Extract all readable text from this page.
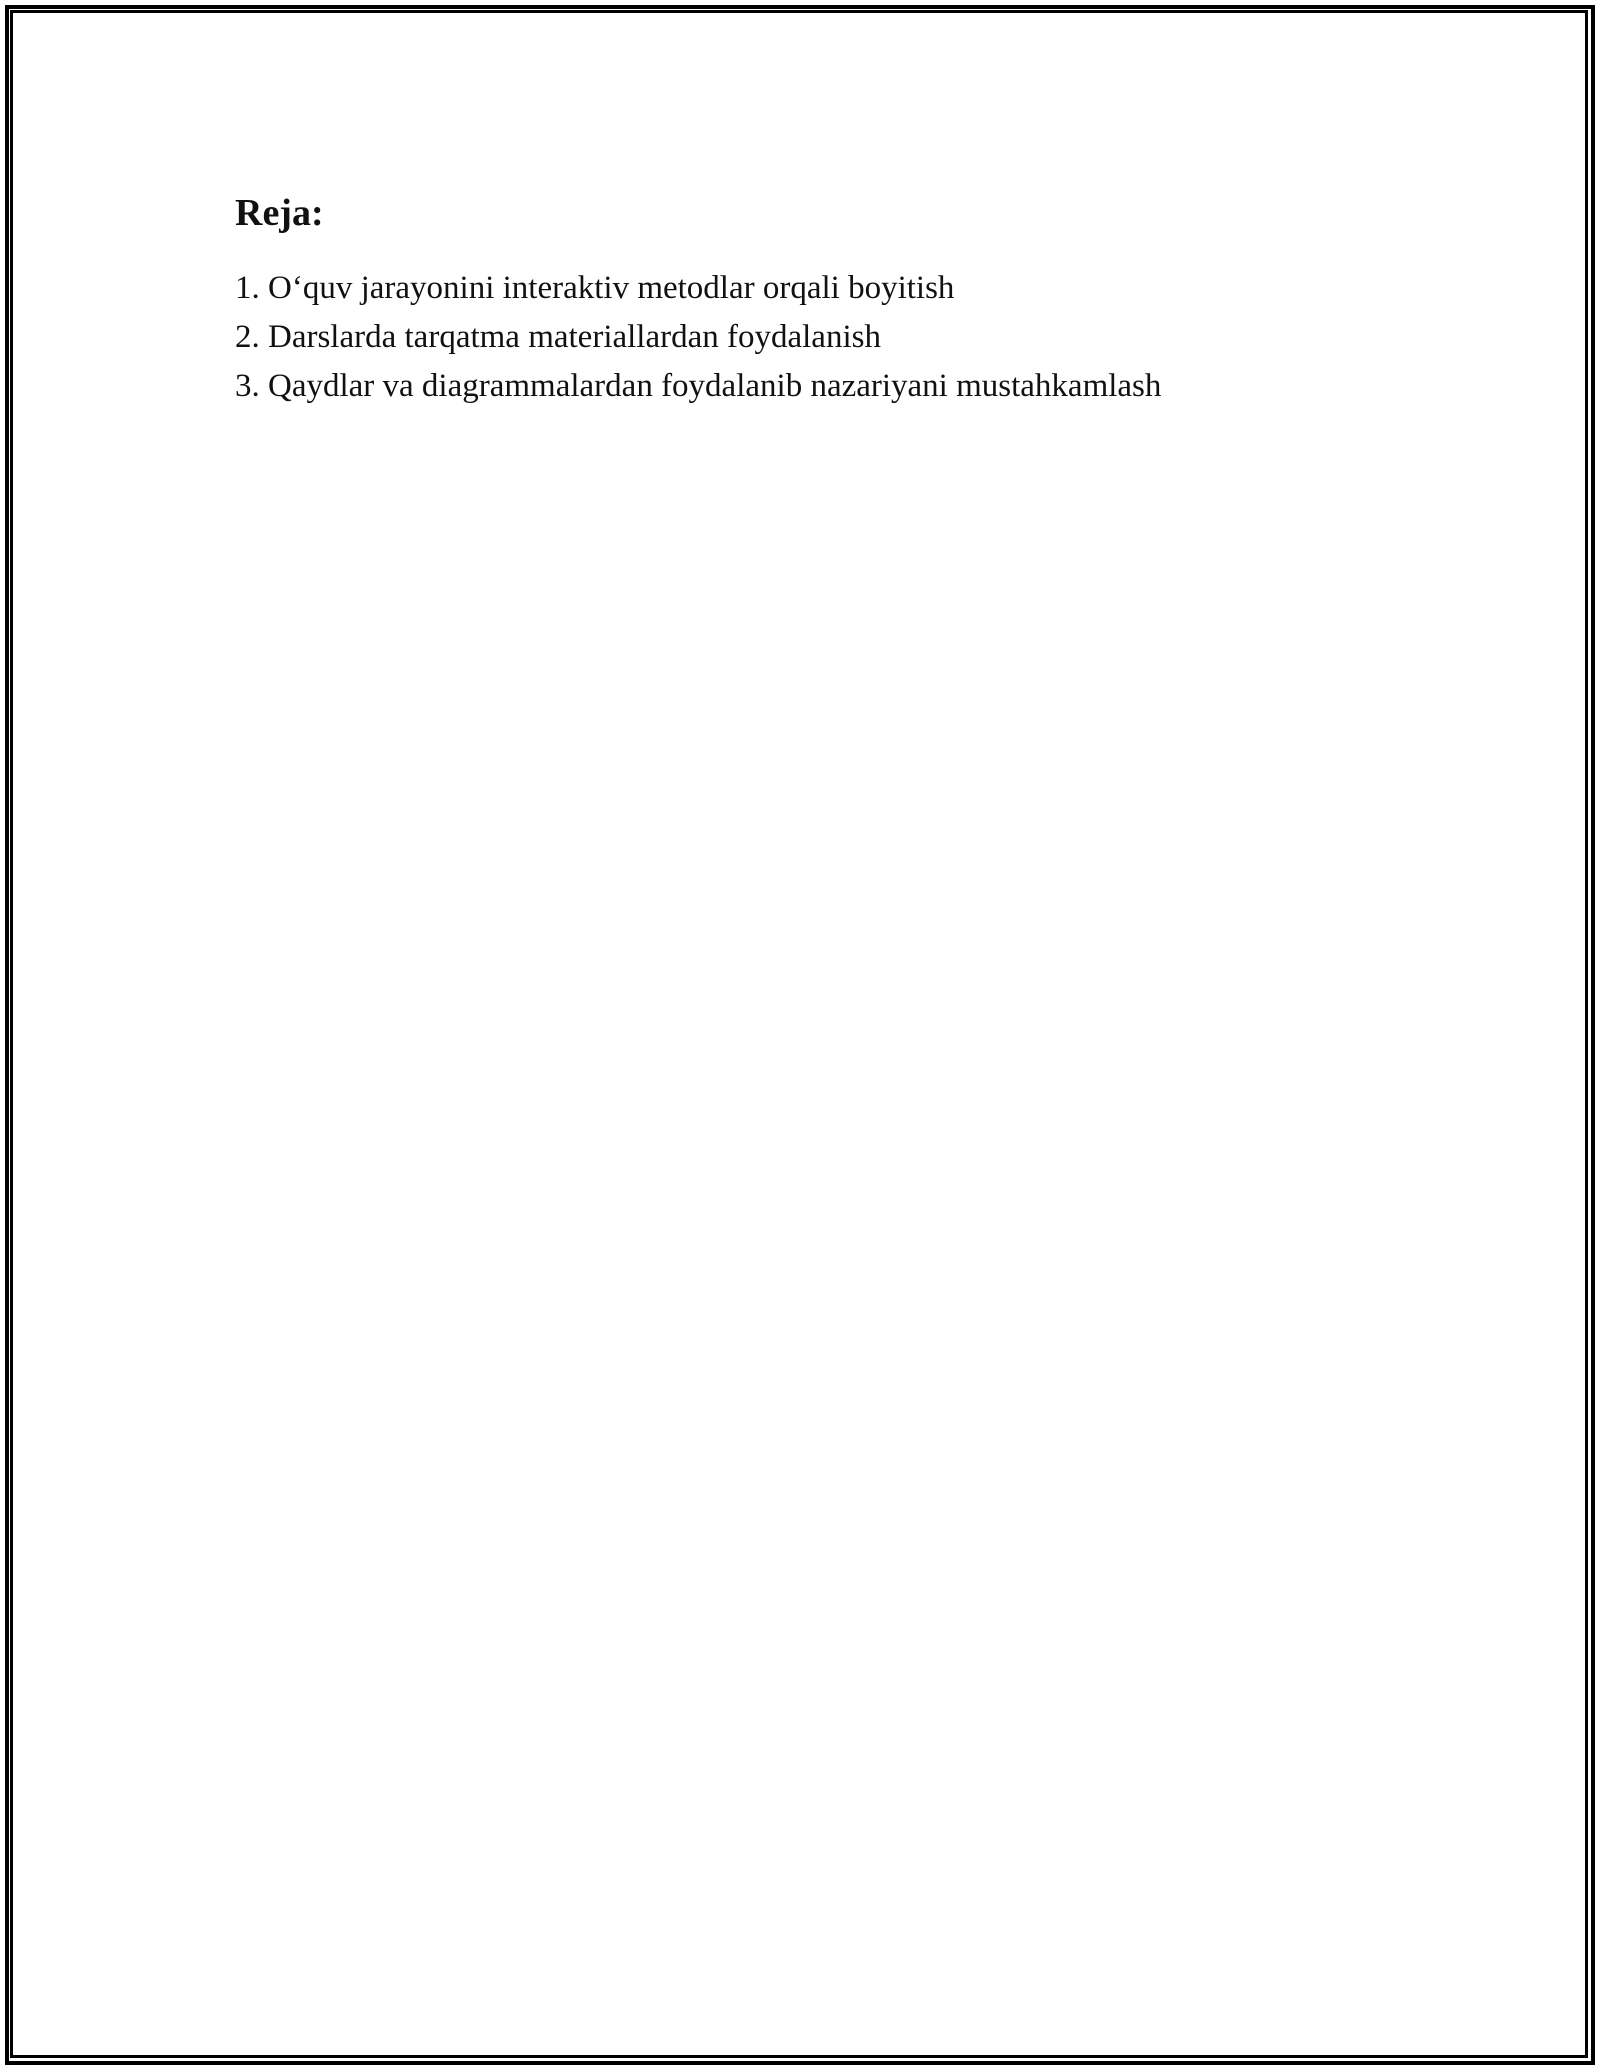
Reja:
1. O‘quv jarayonini interaktiv metodlar orqali boyitish
2. Darslarda tarqatma materiallardan foydalanish
3. Qaydlar va diagrammalardan foydalanib nazariyani mustahkamlash
